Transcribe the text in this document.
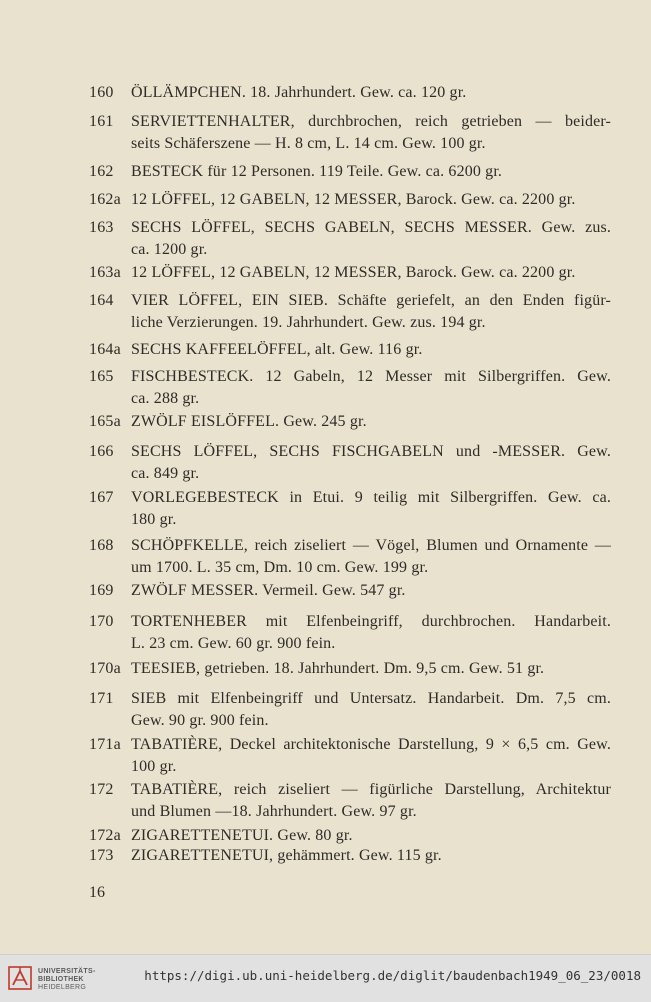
160	ÖLLÄMPCHEN. 18. Jahrhundert. Gew. ca. 120 gr.
161	SERVIETTENHALTER, durchbrochen, reich getrieben — beider-
seits Schäferszene — H. 8 cm, L. 14 cm. Gew. 100 gr.
162	BESTECK für 12 Personen. 119 Teile. Gew. ca. 6200 gr.
162a 12 LÖFFEL, 12 GABELN, 12 MESSER, Barock. Gew. ca. 2200 gr.
163	SECHS LÖFFEL, SECHS GABELN, SECHS MESSER. Gew. zus.
ca. 1200 gr.
163a 12 LÖFFEL, 12 GABELN, 12 MESSER, Barock. Gew. ca. 2200 gr.
164	VIER LÖFFEL, EIN SIEB. Schäfte geriefelt, an den Enden figür-
liche Verzierungen. 19. Jahrhundert. Gew. zus. 194 gr.
164a SECHS KAFFEELÖFFEL, alt. Gew. 116 gr.
165	FISCHBESTECK. 12 Gabeln, 12 Messer mit Silbergriffen. Gew.
ca. 288 gr.
165a ZWÖLF EISLÖFFEL. Gew. 245 gr.
166	SECHS LÖFFEL, SECHS FISCHGABELN und -MESSER. Gew.
ca. 849 gr.
167	VORLEGEBESTECK in Etui. 9 teilig mit Silbergriffen. Gew. ca.
180 gr.
168	SCHÖPFKELLE, reich ziseliert — Vögel, Blumen und Ornamente —
um 1700. L. 35 cm, Dm. 10 cm. Gew. 199 gr.
169	ZWÖLF MESSER. Vermeil. Gew. 547 gr.
170	TORTENHEBER mit Elfenbeingriff, durchbrochen. Handarbeit.
L. 23 cm. Gew. 60 gr. 900 fein.
170a TEESIEB, getrieben. 18. Jahrhundert. Dm. 9,5 cm. Gew. 51 gr.
171	SIEB mit Elfenbeingriff und Untersatz. Handarbeit. Dm. 7,5 cm.
Gew. 90 gr. 900 fein.
171a TABATIÈRE, Deckel architektonische Darstellung, 9 × 6,5 cm. Gew.
100 gr.
172	TABATIÈRE, reich ziseliert — figürliche Darstellung, Architektur
und Blumen —18. Jahrhundert. Gew. 97 gr.
172a ZIGARETTENETUI. Gew. 80 gr.
173	ZIGARETTENETUI, gehämmert. Gew. 115 gr.
16
UNIVERSITÄTS-
BIBLIOTHEK
HEIDELBERG
https://digi.ub.uni-heidelberg.de/diglit/baudenbach1949_06_23/0018
